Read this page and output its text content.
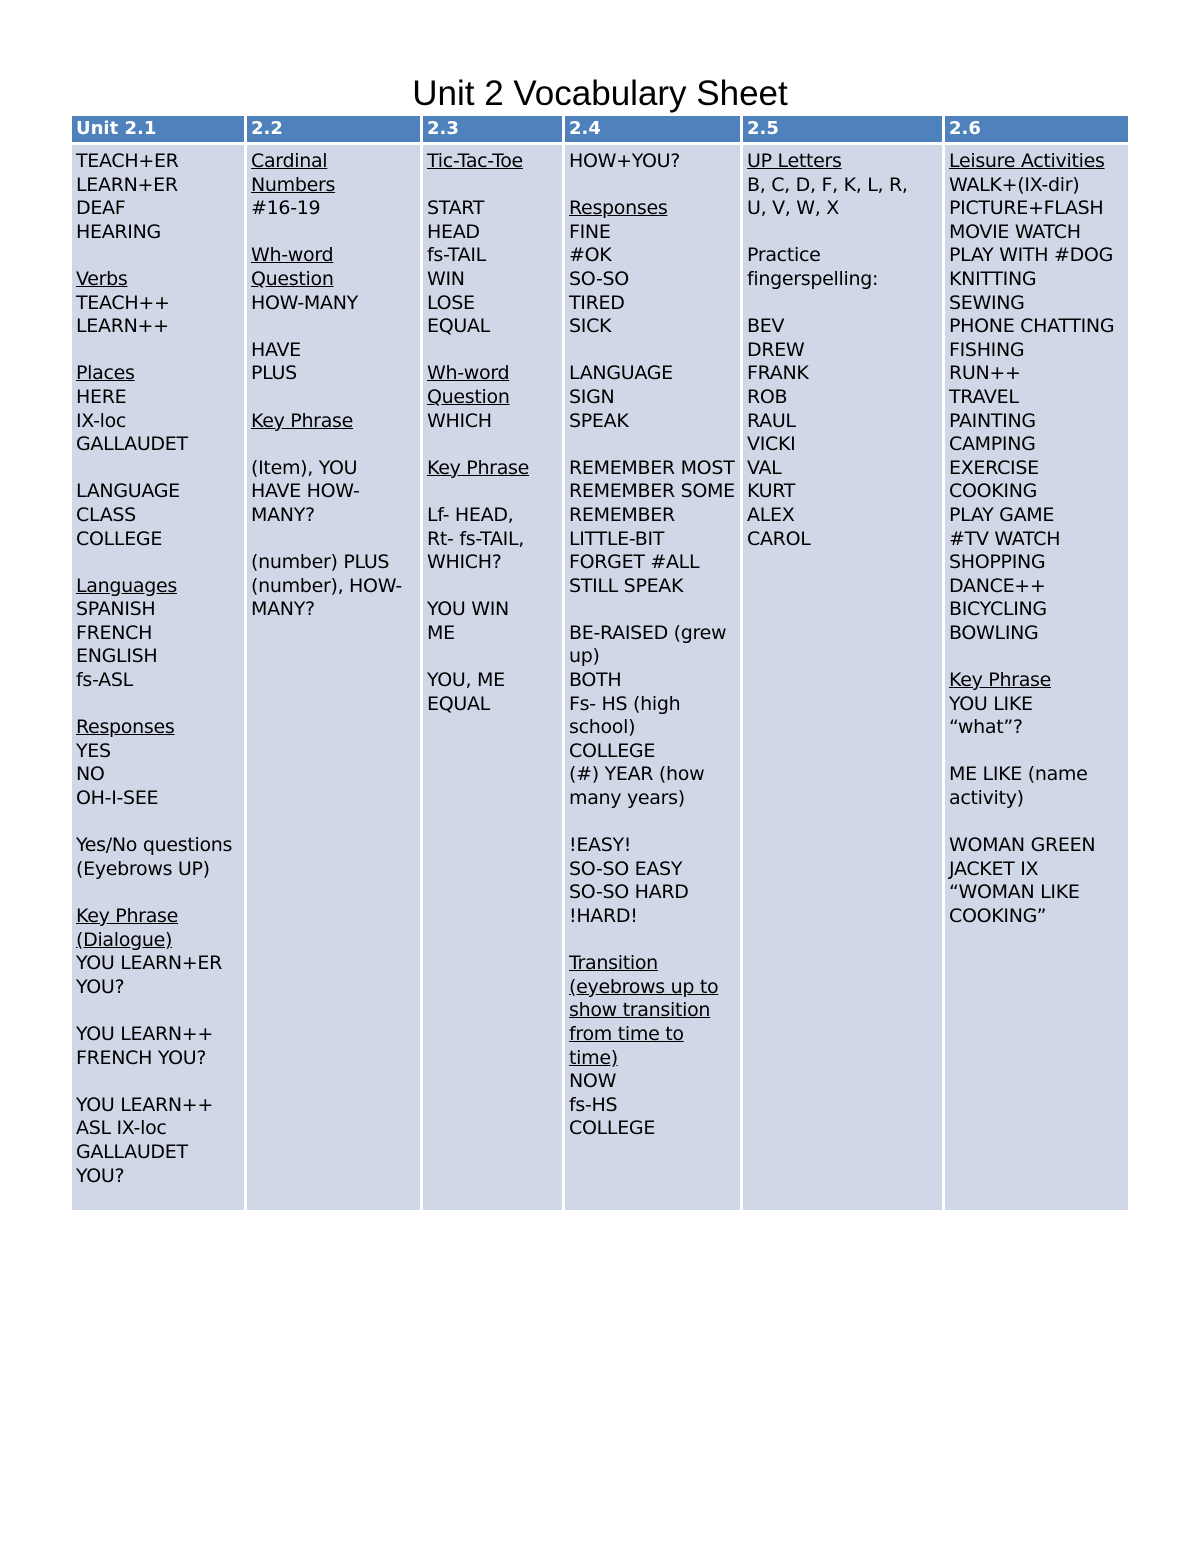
Unit 2 Vocabulary Sheet
Unit 2.1
TEACH+ER
LEARN+ER
DEAF
HEARING
Verbs
TEACH++
LEARN++
Places
HERE
IX-loc
GALLAUDET
LANGUAGE
CLASS
COLLEGE
Languages
SPANISH
FRENCH
ENGLISH
fs-ASL
Responses
YES
NO
OH-I-SEE
Yes/No questions
(Eyebrows UP)
Key Phrase
(Dialogue)
YOU LEARN+ER
YOU?
YOU LEARN++
FRENCH YOU?
YOU LEARN++
ASL IX-loc
GALLAUDET
YOU?
2.2
Cardinal
Numbers
#16-19
Wh-word
Question
HOW-MANY
HAVE
PLUS
Key Phrase
(Item), YOU
HAVE HOW-
MANY?
(number) PLUS
(number), HOW-
MANY?
2.3
Tic-Tac-Toe
START
HEAD
fs-TAIL
WIN
LOSE
EQUAL
Wh-word
Question
WHICH
Key Phrase
Lf- HEAD,
Rt- fs-TAIL,
WHICH?
YOU WIN
ME
YOU, ME
EQUAL
2.4
HOW+YOU?
Responses
FINE
#OK
SO-SO
TIRED
SICK
LANGUAGE
SIGN
SPEAK
REMEMBER MOST
REMEMBER SOME
REMEMBER
LITTLE-BIT
FORGET #ALL
STILL SPEAK
BE-RAISED (grew
up)
BOTH
Fs- HS (high
school)
COLLEGE
(#) YEAR (how
many years)
!EASY!
SO-SO EASY
SO-SO HARD
!HARD!
Transition
(eyebrows up to
show transition
from time to
time)
NOW
fs-HS
COLLEGE
2.5
UP Letters
B, C, D, F, K, L, R,
U, V, W, X
Practice
fingerspelling:
BEV
DREW
FRANK
ROB
RAUL
VICKI
VAL
KURT
ALEX
CAROL
2.6
Leisure Activities
WALK+(IX-dir)
PICTURE+FLASH
MOVIE WATCH
PLAY WITH #DOG
KNITTING
SEWING
PHONE CHATTING
FISHING
RUN++
TRAVEL
PAINTING
CAMPING
EXERCISE
COOKING
PLAY GAME
#TV WATCH
SHOPPING
DANCE++
BICYCLING
BOWLING
Key Phrase
YOU LIKE
“what”?
ME LIKE (name
activity)
WOMAN GREEN
JACKET IX
“WOMAN LIKE
COOKING”
